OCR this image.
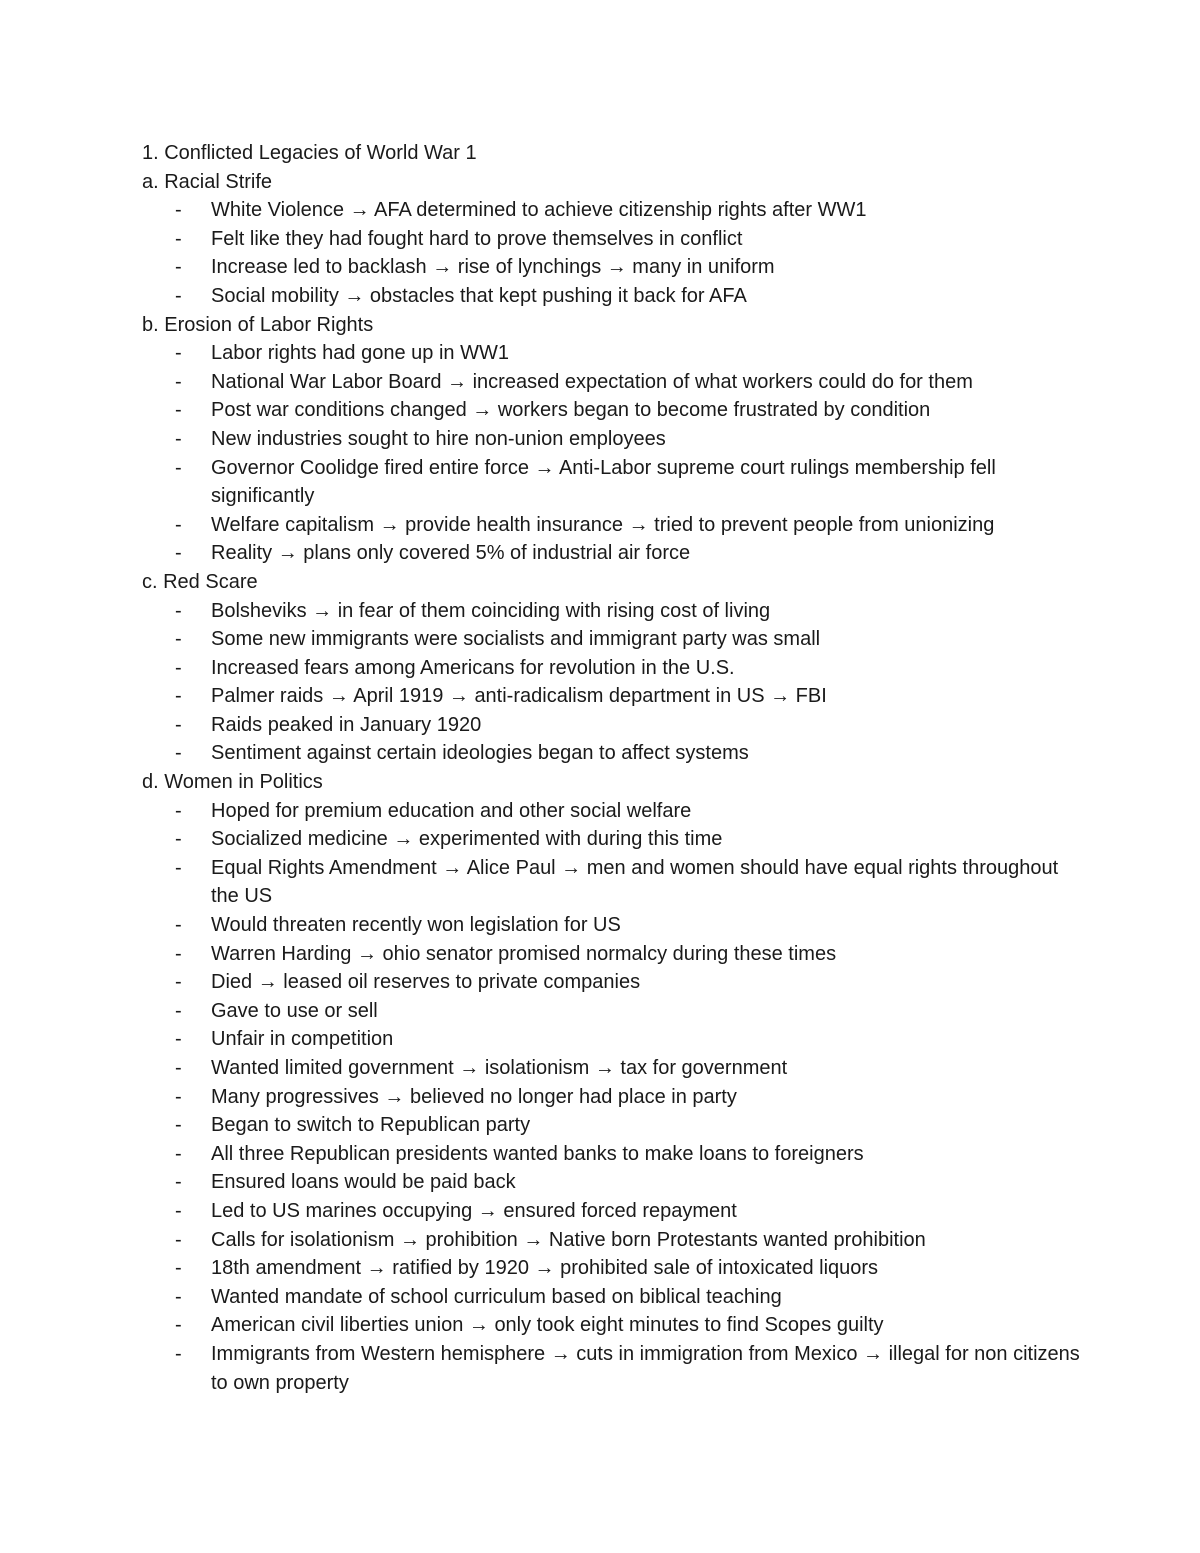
1. Conflicted Legacies of World War 1

a. Racial Strife

- White Violence → AFA determined to achieve citizenship rights after WW1
- Felt like they had fought hard to prove themselves in conflict
- Increase led to backlash → rise of lynchings → many in uniform
- Social mobility → obstacles that kept pushing it back for AFA

b. Erosion of Labor Rights

- Labor rights had gone up in WW1
- National War Labor Board → increased expectation of what workers could do for them
- Post war conditions changed → workers began to become frustrated by condition
- New industries sought to hire non-union employees
- Governor Coolidge fired entire force → Anti-Labor supreme court rulings membership fell significantly
- Welfare capitalism → provide health insurance → tried to prevent people from unionizing
- Reality → plans only covered 5% of industrial air force

c. Red Scare

- Bolsheviks → in fear of them coinciding with rising cost of living
- Some new immigrants were socialists and immigrant party was small
- Increased fears among Americans for revolution in the U.S.
- Palmer raids → April 1919 → anti-radicalism department in US → FBI
- Raids peaked in January 1920
- Sentiment against certain ideologies began to affect systems

d. Women in Politics

- Hoped for premium education and other social welfare
- Socialized medicine → experimented with during this time
- Equal Rights Amendment → Alice Paul → men and women should have equal rights throughout the US
- Would threaten recently won legislation for US
- Warren Harding → ohio senator promised normalcy during these times
- Died → leased oil reserves to private companies
- Gave to use or sell
- Unfair in competition
- Wanted limited government → isolationism → tax for government
- Many progressives → believed no longer had place in party
- Began to switch to Republican party
- All three Republican presidents wanted banks to make loans to foreigners
- Ensured loans would be paid back
- Led to US marines occupying → ensured forced repayment
- Calls for isolationism → prohibition → Native born Protestants wanted prohibition
- 18th amendment → ratified by 1920 → prohibited sale of intoxicated liquors
- Wanted mandate of school curriculum based on biblical teaching
- American civil liberties union → only took eight minutes to find Scopes guilty
- Immigrants from Western hemisphere → cuts in immigration from Mexico → illegal for non citizens to own property
